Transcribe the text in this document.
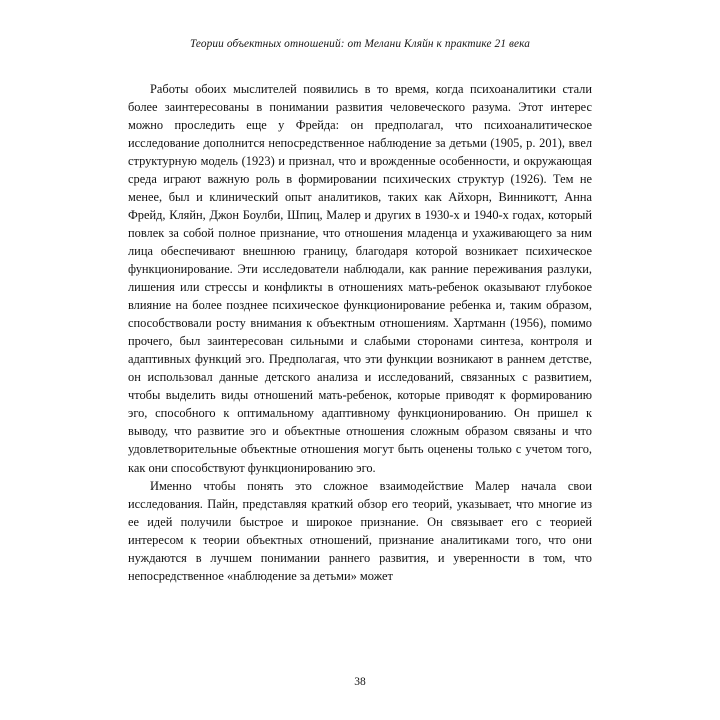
Теории объектных отношений: от Мелани Кляйн к практике 21 века

Работы обоих мыслителей появились в то время, когда психоаналитики стали более заинтересованы в понимании развития человеческого разума. Этот интерес можно проследить еще у Фрейда: он предполагал, что психоаналитическое исследование дополнится непосредственное наблюдение за детьми (1905, p. 201), ввел структурную модель (1923) и признал, что и врожденные особенности, и окружающая среда играют важную роль в формировании психических структур (1926). Тем не менее, был и клинический опыт аналитиков, таких как Айхорн, Винникотт, Анна Фрейд, Кляйн, Джон Боулби, Шпиц, Малер и других в 1930-х и 1940-х годах, который повлек за собой полное признание, что отношения младенца и ухаживающего за ним лица обеспечивают внешнюю границу, благодаря которой возникает психическое функционирование. Эти исследователи наблюдали, как ранние переживания разлуки, лишения или стрессы и конфликты в отношениях мать-ребенок оказывают глубокое влияние на более позднее психическое функционирование ребенка и, таким образом, способствовали росту внимания к объектным отношениям. Хартманн (1956), помимо прочего, был заинтересован сильными и слабыми сторонами синтеза, контроля и адаптивных функций эго. Предполагая, что эти функции возникают в раннем детстве, он использовал данные детского анализа и исследований, связанных с развитием, чтобы выделить виды отношений мать-ребенок, которые приводят к формированию эго, способного к оптимальному адаптивному функционированию. Он пришел к выводу, что развитие эго и объектные отношения сложным образом связаны и что удовлетворительные объектные отношения могут быть оценены только с учетом того, как они способствуют функционированию эго.

Именно чтобы понять это сложное взаимодействие Малер начала свои исследования. Пайн, представляя краткий обзор его теорий, указывает, что многие из ее идей получили быстрое и широкое признание. Он связывает его с теорией интересом к теории объектных отношений, признание аналитиками того, что они нуждаются в лучшем понимании раннего развития, и уверенности в том, что непосредственное «наблюдение за детьми» может

38
